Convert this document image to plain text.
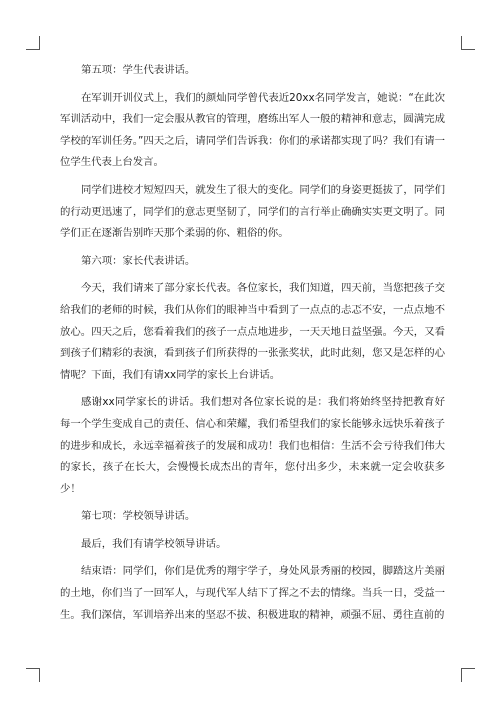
第五项：学生代表讲话。

在军训开训仪式上，我们的颜灿同学曾代表近20xx名同学发言，她说：“在此次军训活动中，我们一定会服从教官的管理，磨练出军人一般的精神和意志，圆满完成学校的军训任务。”四天之后，请同学们告诉我：你们的承诺都实现了吗？我们有请一位学生代表上台发言。

同学们进校才短短四天，就发生了很大的变化。同学们的身姿更挺拔了，同学们的行动更迅速了，同学们的意志更坚韧了，同学们的言行举止确确实实更文明了。同学们正在逐渐告别昨天那个柔弱的你、粗俗的你。

第六项：家长代表讲话。

今天，我们请来了部分家长代表。各位家长，我们知道，四天前，当您把孩子交给我们的老师的时候，我们从你们的眼神当中看到了一点点的忐忑不安，一点点地不放心。四天之后，您看着我们的孩子一点点地进步，一天天地日益坚强。今天，又看到孩子们精彩的表演，看到孩子们所获得的一张张奖状，此时此刻，您又是怎样的心情呢？下面，我们有请xx同学的家长上台讲话。

感谢xx同学家长的讲话。我们想对各位家长说的是：我们将始终坚持把教育好每一个学生变成自己的责任、信心和荣耀，我们希望我们的家长能够永远快乐着孩子的进步和成长，永远幸福着孩子的发展和成功！我们也相信：生活不会亏待我们伟大的家长，孩子在长大，会慢慢长成杰出的青年，您付出多少，未来就一定会收获多少！

第七项：学校领导讲话。

最后，我们有请学校领导讲话。

结束语：同学们，你们是优秀的翔宇学子，身处风景秀丽的校园，脚踏这片美丽的土地，你们当了一回军人，与现代军人结下了挥之不去的情缘。当兵一日，受益一生。我们深信，军训培养出来的坚忍不拔、积极进取的精神，顽强不屈、勇往直前的
